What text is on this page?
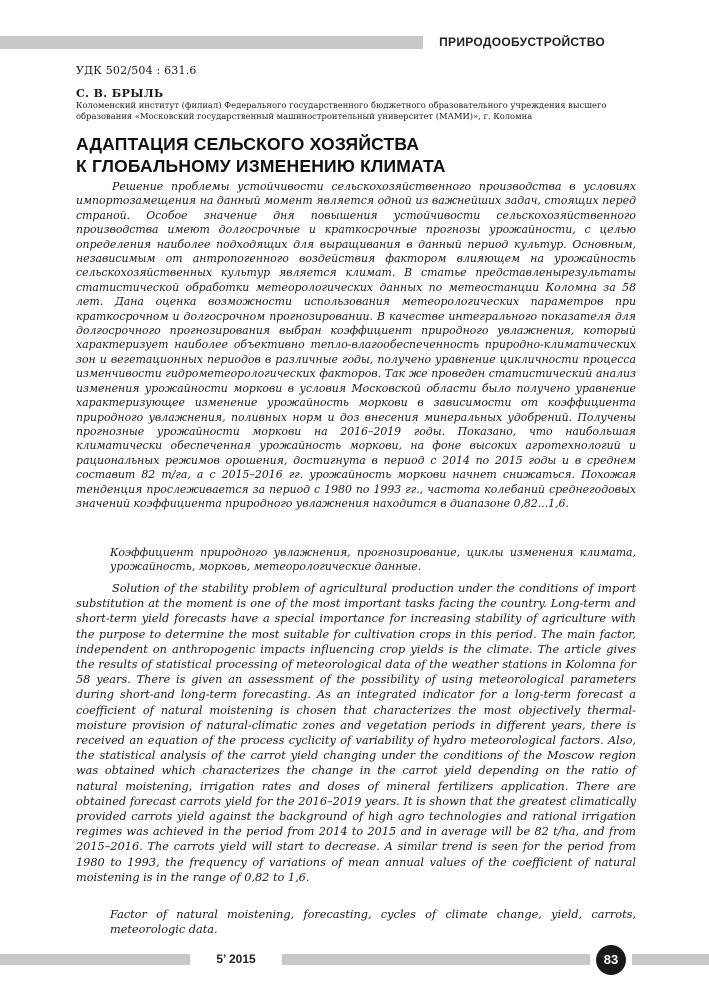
ПРИРОДООБУСТРОЙСТВО
УДК 502/504 : 631.6
С. В. БРЫЛЬ
Коломенский институт (филиал) Федерального государственного бюджетного образовательного учреждения высшего образования «Московский государственный машиностроительный университет (МАМИ)», г. Коломна
АДАПТАЦИЯ СЕЛЬСКОГО ХОЗЯЙСТВА
К ГЛОБАЛЬНОМУ ИЗМЕНЕНИЮ КЛИМАТА
Решение проблемы устойчивости сельскохозяйственного производства в условиях импортозамещения на данный момент является одной из важнейших задач, стоящих перед страной. Особое значение дня повышения устойчивости сельскохозяйственного производства имеют долгосрочные и краткосрочные прогнозы урожайности, с целью определения наиболее подходящих для выращивания в данный период культур. Основным, независимым от антропогенного воздействия фактором влияющем на урожайность сельскохозяйственных культур является климат. В статье представленырезультаты статистической обработки метеорологических данных по метеостанции Коломна за 58 лет. Дана оценка возможности использования метеорологических параметров при краткосрочном и долгосрочном прогнозировании. В качестве интегрального показателя для долгосрочного прогнозирования выбран коэффициент природного увлажнения, который характеризует наиболее объективно тепло-влагообеспеченность природно-климатических зон и вегетационных периодов в различные годы, получено уравнение цикличности процесса изменчивости гидрометеорологических факторов. Так же проведен статистический анализ изменения урожайности моркови в условия Московской области было получено уравнение характеризующее изменение урожайность моркови в зависимости от коэффициента природного увлажнения, поливных норм и доз внесения минеральных удобрений. Получены прогнозные урожайности моркови на 2016–2019 годы. Показано, что наибольшая климатически обеспеченная урожайность моркови, на фоне высоких агротехнологий и рациональных режимов орошения, достигнута в период с 2014 по 2015 годы и в среднем составит 82 т/га, а с 2015–2016 гг. урожайность моркови начнет снижаться. Похожая тенденция прослеживается за период с 1980 по 1993 гг., частота колебаний среднегодовых значений коэффициента природного увлажнения находится в диапазоне 0,82...1,6.
Коэффициент природного увлажнения, прогнозирование, циклы изменения климата, урожайность, морковь, метеорологические данные.
Solution of the stability problem of agricultural production under the conditions of import substitution at the moment is one of the most important tasks facing the country. Long-term and short-term yield forecasts have a special importance for increasing stability of agriculture with the purpose to determine the most suitable for cultivation crops in this period. The main factor, independent on anthropogenic impacts influencing crop yields is the climate. The article gives the results of statistical processing of meteorological data of the weather stations in Kolomna for 58 years. There is given an assessment of the possibility of using meteorological parameters during short-and long-term forecasting. As an integrated indicator for a long-term forecast a coefficient of natural moistening is chosen that characterizes the most objectively thermal-moisture provision of natural-climatic zones and vegetation periods in different years, there is received an equation of the process cyclicity of variability of hydro meteorological factors. Also, the statistical analysis of the carrot yield changing under the conditions of the Moscow region was obtained which characterizes the change in the carrot yield depending on the ratio of natural moistening, irrigation rates and doses of mineral fertilizers application. There are obtained forecast carrots yield for the 2016–2019 years. It is shown that the greatest climatically provided carrots yield against the background of high agro technologies and rational irrigation regimes was achieved in the period from 2014 to 2015 and in average will be 82 t/ha, and from 2015–2016. The carrots yield will start to decrease. A similar trend is seen for the period from 1980 to 1993, the frequency of variations of mean annual values of the coefficient of natural moistening is in the range of 0,82 to 1,6.
Factor of natural moistening, forecasting, cycles of climate change, yield, carrots, meteorologic data.
5’ 2015	83
